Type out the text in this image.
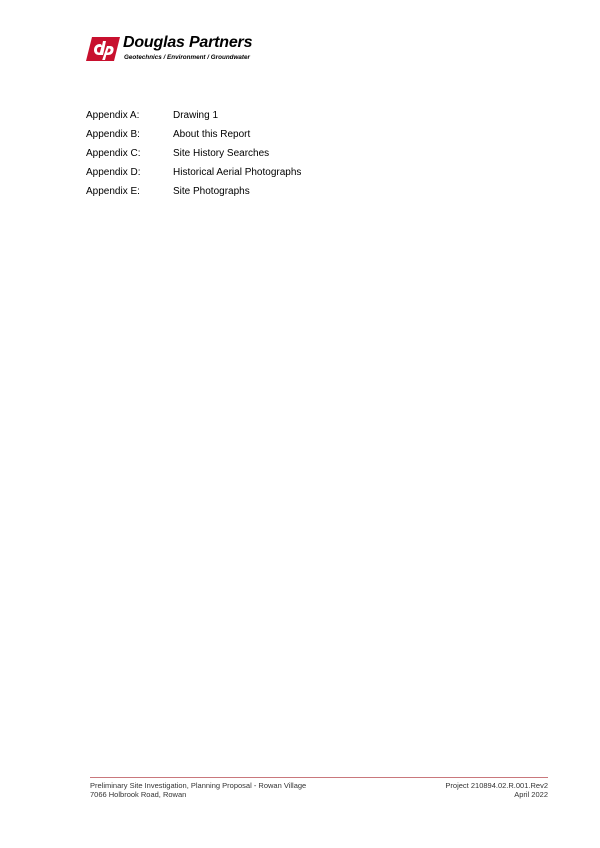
Douglas Partners
Geotechnics / Environment / Groundwater
Appendix A:	Drawing 1
Appendix B:	About this Report
Appendix C:	Site History Searches
Appendix D:	Historical Aerial Photographs
Appendix E:	Site Photographs
Preliminary Site Investigation, Planning Proposal - Rowan Village
7066 Holbrook Road, Rowan
Project 210894.02.R.001.Rev2
April 2022
